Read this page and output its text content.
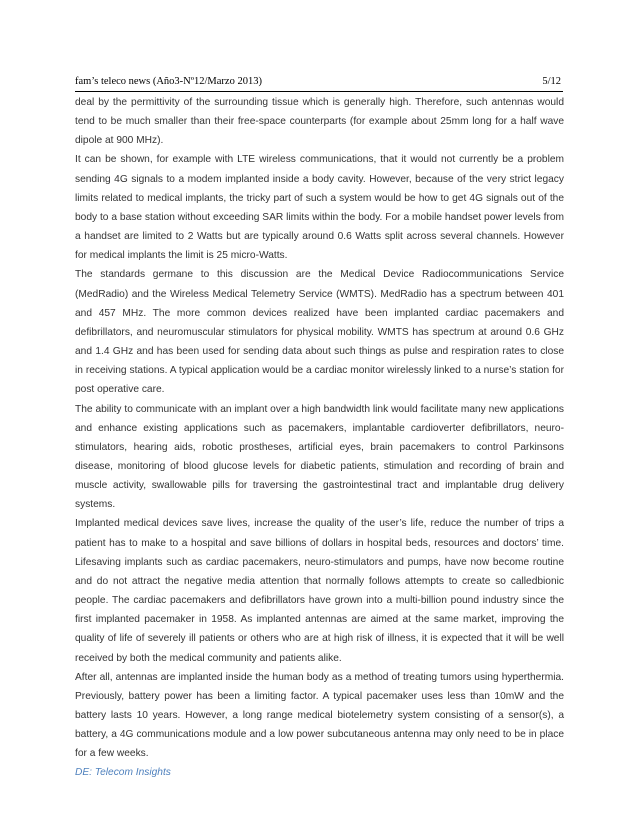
fam’s teleco news (Año3-Nº12/Marzo 2013)	5/12

deal by the permittivity of the surrounding tissue which is generally high. Therefore, such antennas would tend to be much smaller than their free-space counterparts (for example about 25mm long for a half wave dipole at 900 MHz).

It can be shown, for example with LTE wireless communications, that it would not currently be a problem sending 4G signals to a modem implanted inside a body cavity. However, because of the very strict legacy limits related to medical implants, the tricky part of such a system would be how to get 4G signals out of the body to a base station without exceeding SAR limits within the body. For a mobile handset power levels from a handset are limited to 2 Watts but are typically around 0.6 Watts split across several channels. However for medical implants the limit is 25 micro-Watts.

The standards germane to this discussion are the Medical Device Radiocommunications Service (MedRadio) and the Wireless Medical Telemetry Service (WMTS). MedRadio has a spectrum between 401 and 457 MHz. The more common devices realized have been implanted cardiac pacemakers and defibrillators, and neuromuscular stimulators for physical mobility. WMTS has spectrum at around 0.6 GHz and 1.4 GHz and has been used for sending data about such things as pulse and respiration rates to close in receiving stations. A typical application would be a cardiac monitor wirelessly linked to a nurse’s station for post operative care.

The ability to communicate with an implant over a high bandwidth link would facilitate many new applications and enhance existing applications such as pacemakers, implantable cardioverter defibrillators, neuro-stimulators, hearing aids, robotic prostheses, artificial eyes, brain pacemakers to control Parkinsons disease, monitoring of blood glucose levels for diabetic patients, stimulation and recording of brain and muscle activity, swallowable pills for traversing the gastrointestinal tract and implantable drug delivery systems.

Implanted medical devices save lives, increase the quality of the user’s life, reduce the number of trips a patient has to make to a hospital and save billions of dollars in hospital beds, resources and doctors’ time. Lifesaving implants such as cardiac pacemakers, neuro-stimulators and pumps, have now become routine and do not attract the negative media attention that normally follows attempts to create so calledbionic people. The cardiac pacemakers and defibrillators have grown into a multi-billion pound industry since the first implanted pacemaker in 1958. As implanted antennas are aimed at the same market, improving the quality of life of severely ill patients or others who are at high risk of illness, it is expected that it will be well received by both the medical community and patients alike.

After all, antennas are implanted inside the human body as a method of treating tumors using hyperthermia. Previously, battery power has been a limiting factor. A typical pacemaker uses less than 10mW and the battery lasts 10 years. However, a long range medical biotelemetry system consisting of a sensor(s), a battery, a 4G communications module and a low power subcutaneous antenna may only need to be in place for a few weeks.

DE: Telecom Insights
